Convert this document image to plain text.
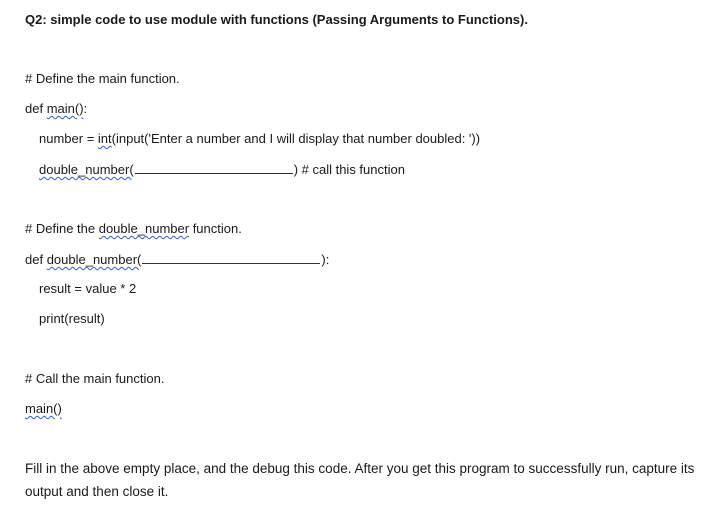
Q2: simple code to use module with functions (Passing Arguments to Functions).
# Define the main function.
def main():
number = int(input('Enter a number and I will display that number doubled: '))
double_number(	) # call this function
# Define the double_number function.
def double_number(	):
result = value * 2
print(result)
# Call the main function.
main()
Fill in the above empty place, and the debug this code. After you get this program to successfully run, capture its output and then close it.
